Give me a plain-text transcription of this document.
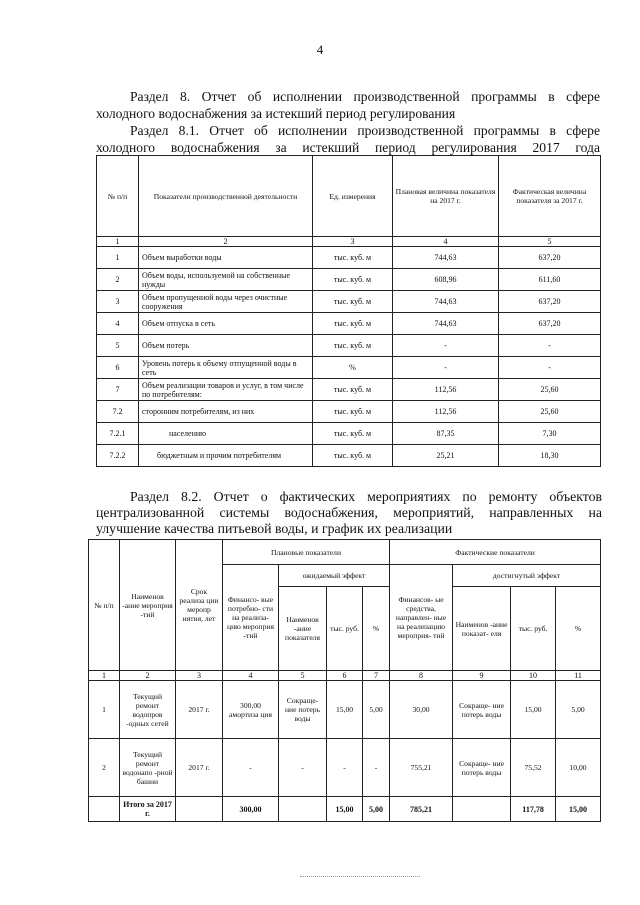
4
Раздел 8. Отчет об исполнении производственной программы в сфере
холодного водоснабжения за истекший период регулирования
Раздел 8.1. Отчет об исполнении производственной программы в сфере
холодного водоснабжения за истекший период регулирования 2017 года
№ п/п	Показатели производственной деятельности	Ед. измерения	Плановая величина показателя на 2017 г.	Фактическая величина показателя за 2017 г.
1	2	3	4	5
1	Объем выработки воды	тыс. куб. м	744,63	637,20
2	Объем воды, используемой на собственные нужды	тыс. куб. м	608,96	611,60
3	Объем пропущенной воды через очистные сооружения	тыс. куб. м	744,63	637,20
4	Объем отпуска в сеть	тыс. куб. м	744,63	637,20
5	Объем потерь	тыс. куб. м	-	-
6	Уровень потерь к объему отпущенной воды в сеть	%	-	-
7	Объем реализации товаров и услуг, в том числе по потребителям:	тыс. куб. м	112,56	25,60
7.2	сторонним потребителям, из них	тыс. куб. м	112,56	25,60
7.2.1	населению	тыс. куб. м	87,35	7,30
7.2.2	бюджетным и прочим потребителям	тыс. куб. м	25,21	18,30
Раздел 8.2. Отчет о фактических мероприятиях по ремонту объектов
централизованной системы водоснабжения, мероприятий, направленных на
улучшение качества питьевой воды, и график их реализации
№ п/п	Наименов -ание мероприя -тий	Срок реализа ции меропр иятия, лет	Плановые показатели				Фактические показатели			
			Финансо- вые потребно- сти на реализа- цию мероприя -тий	ожидаемый эффект			Финансов- ые средства, направлен- ные на реализацию мероприя- тий	достигнутый эффект		
				Наименов -ание показателя	тыс. руб.	%		Наименов -ание показат- еля	тыс. руб.	%
1	2	3	4	5	6	7	8	9	10	11
1	Текущий ремонт водопров -одных сетей	2017 г.	300,00 амортиза ция	Сокраще- ние потерь воды	15,00	5,00	30,00	Сокраще- ние потерь воды	15,00	5,00
2	Текущий ремонт водонапо -рной башни	2017 г.	-	-	-	-	755,21	Сокраще- ние потерь воды	75,52	10,00
	Итого за 2017 г.		300,00		15,00	5,00	785,21		117,78	15,00
